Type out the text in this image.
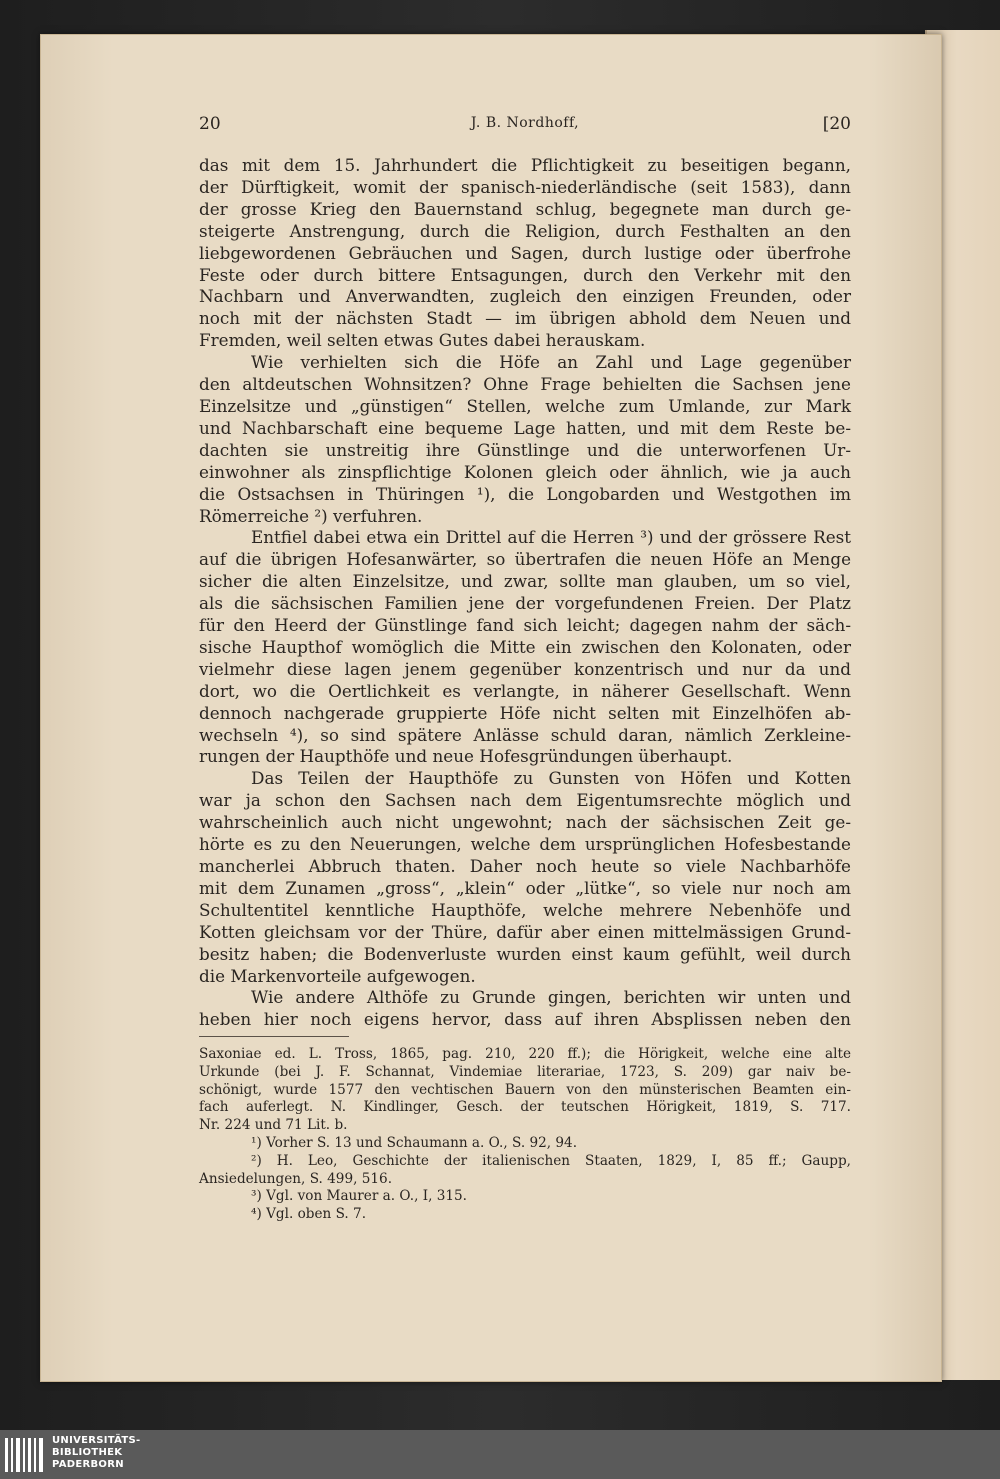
20	J. B. Nordhoff,	[20
das mit dem 15. Jahrhundert die Pflichtigkeit zu beseitigen begann,
der Dürftigkeit, womit der spanisch-niederländische (seit 1583), dann
der grosse Krieg den Bauernstand schlug, begegnete man durch ge-
steigerte Anstrengung, durch die Religion, durch Festhalten an den
liebgewordenen Gebräuchen und Sagen, durch lustige oder überfrohe
Feste oder durch bittere Entsagungen, durch den Verkehr mit den
Nachbarn und Anverwandten, zugleich den einzigen Freunden, oder
noch mit der nächsten Stadt — im übrigen abhold dem Neuen und
Fremden, weil selten etwas Gutes dabei herauskam.
Wie verhielten sich die Höfe an Zahl und Lage gegenüber
den altdeutschen Wohnsitzen? Ohne Frage behielten die Sachsen jene
Einzelsitze und „günstigen“ Stellen, welche zum Umlande, zur Mark
und Nachbarschaft eine bequeme Lage hatten, und mit dem Reste be-
dachten sie unstreitig ihre Günstlinge und die unterworfenen Ur-
einwohner als zinspflichtige Kolonen gleich oder ähnlich, wie ja auch
die Ostsachsen in Thüringen ¹), die Longobarden und Westgothen im
Römerreiche ²) verfuhren.
Entfiel dabei etwa ein Drittel auf die Herren ³) und der grössere Rest
auf die übrigen Hofesanwärter, so übertrafen die neuen Höfe an Menge
sicher die alten Einzelsitze, und zwar, sollte man glauben, um so viel,
als die sächsischen Familien jene der vorgefundenen Freien. Der Platz
für den Heerd der Günstlinge fand sich leicht; dagegen nahm der säch-
sische Haupthof womöglich die Mitte ein zwischen den Kolonaten, oder
vielmehr diese lagen jenem gegenüber konzentrisch und nur da und
dort, wo die Oertlichkeit es verlangte, in näherer Gesellschaft. Wenn
dennoch nachgerade gruppierte Höfe nicht selten mit Einzelhöfen ab-
wechseln ⁴), so sind spätere Anlässe schuld daran, nämlich Zerkleine-
rungen der Haupthöfe und neue Hofesgründungen überhaupt.
Das Teilen der Haupthöfe zu Gunsten von Höfen und Kotten
war ja schon den Sachsen nach dem Eigentumsrechte möglich und
wahrscheinlich auch nicht ungewohnt; nach der sächsischen Zeit ge-
hörte es zu den Neuerungen, welche dem ursprünglichen Hofesbestande
mancherlei Abbruch thaten. Daher noch heute so viele Nachbarhöfe
mit dem Zunamen „gross“, „klein“ oder „lütke“, so viele nur noch am
Schultentitel kenntliche Haupthöfe, welche mehrere Nebenhöfe und
Kotten gleichsam vor der Thüre, dafür aber einen mittelmässigen Grund-
besitz haben; die Bodenverluste wurden einst kaum gefühlt, weil durch
die Markenvorteile aufgewogen.
Wie andere Althöfe zu Grunde gingen, berichten wir unten und
heben hier noch eigens hervor, dass auf ihren Absplissen neben den
Saxoniae ed. L. Tross, 1865, pag. 210, 220 ff.); die Hörigkeit, welche eine alte
Urkunde (bei J. F. Schannat, Vindemiae literariae, 1723, S. 209) gar naiv be-
schönigt, wurde 1577 den vechtischen Bauern von den münsterischen Beamten ein-
fach auferlegt. N. Kindlinger, Gesch. der teutschen Hörigkeit, 1819, S. 717.
Nr. 224 und 71 Lit. b.
¹) Vorher S. 13 und Schaumann a. O., S. 92, 94.
²) H. Leo, Geschichte der italienischen Staaten, 1829, I, 85 ff.; Gaupp,
Ansiedelungen, S. 499, 516.
³) Vgl. von Maurer a. O., I, 315.
⁴) Vgl. oben S. 7.
UNIVERSITÄTS-
BIBLIOTHEK
PADERBORN
